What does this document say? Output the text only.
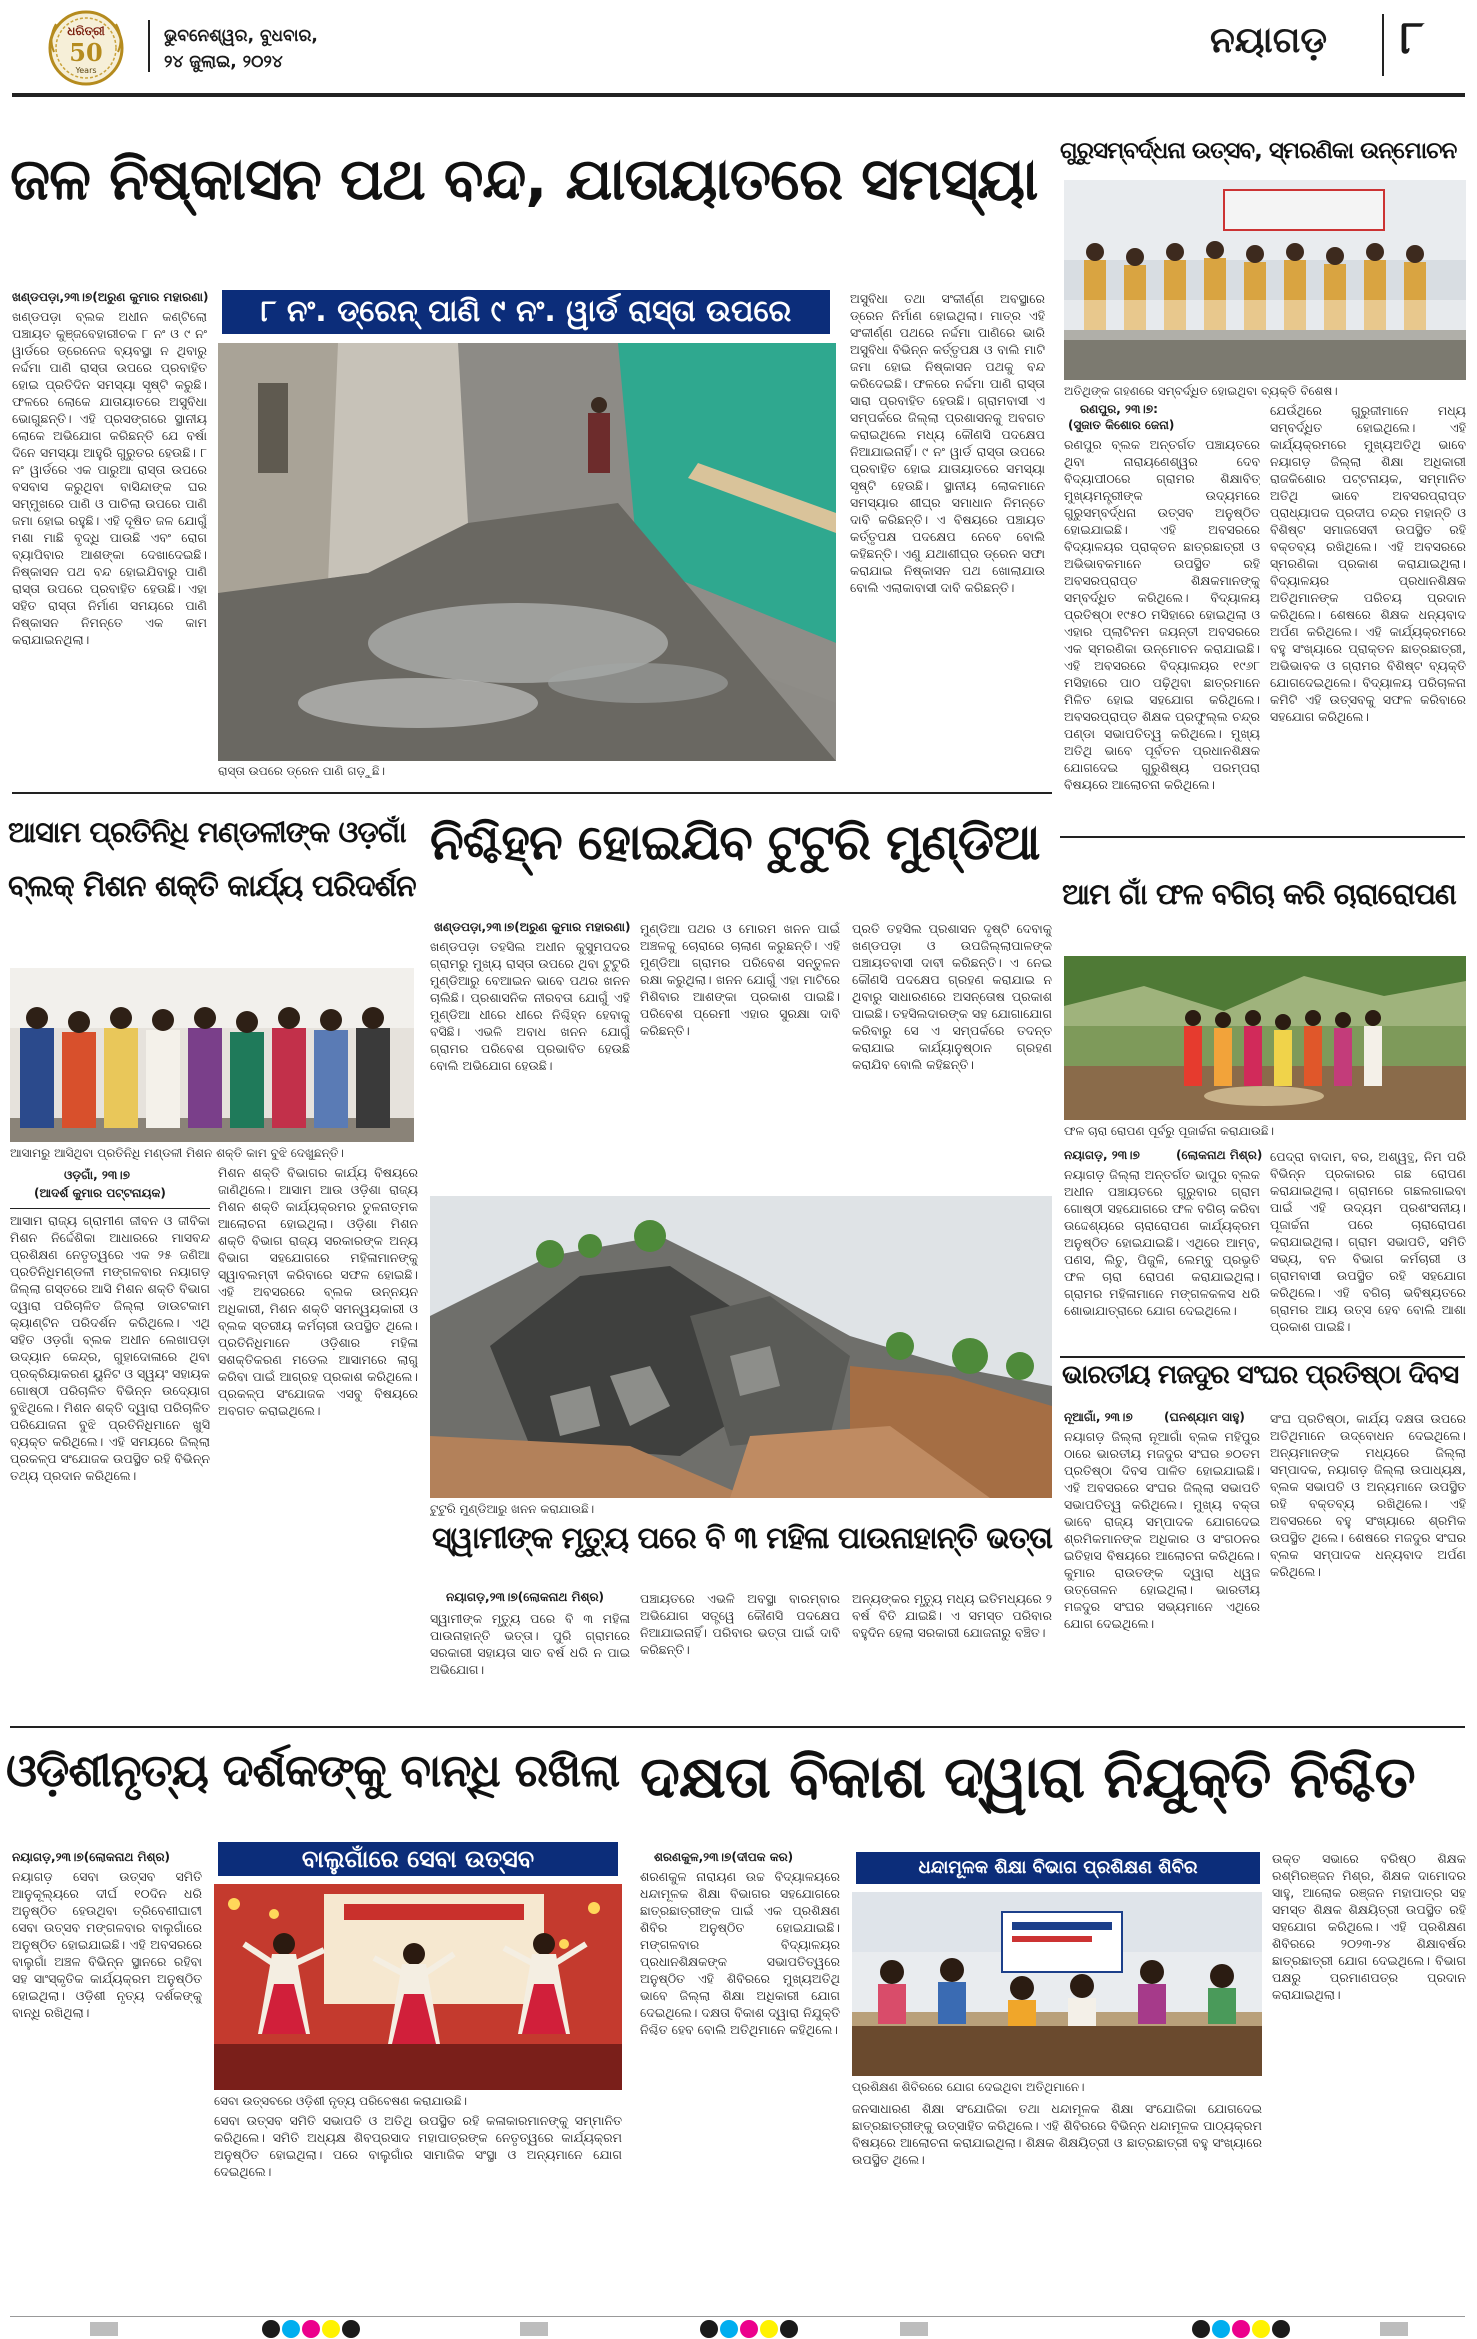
ଧରିତ୍ରୀ
50
Years
ଭୁବନେଶ୍ୱର, ବୁଧବାର,
୨୪ ଜୁଲାଇ, ୨୦୨୪
ନୟାଗଡ଼ ୮
ଜଳ ନିଷ୍କାସନ ପଥ ବନ୍ଦ, ଯାତାୟାତରେ ସମସ୍ୟା
ଖଣ୍ଡପଡ଼ା,୨୩।୭(ଅରୁଣ କୁମାର ମହାରଣା)
ଖଣ୍ଡପଡ଼ା ବ୍ଲକ ଅଧୀନ କଣ୍ଟିଲୋ ପଞ୍ଚାୟତ କୁଞ୍ଜବେହାରୀଚକ ୮ ନଂ ଓ ୯ ନଂ ୱାର୍ଡରେ ଡ୍ରେନେଜ ବ୍ୟବସ୍ଥା ନ ଥିବାରୁ ନର୍ଦ୍ଦମା ପାଣି ରାସ୍ତା ଉପରେ ପ୍ରବାହିତ ହୋଇ ପ୍ରତିଦିନ ସମସ୍ୟା ସୃଷ୍ଟି କରୁଛି। ଫଳରେ ଲୋକେ ଯାତାୟାତରେ ଅସୁବିଧା ଭୋଗୁଛନ୍ତି। ଏହି ପ୍ରସଙ୍ଗରେ ସ୍ଥାନୀୟ ଲୋକେ ଅଭିଯୋଗ କରିଛନ୍ତି ଯେ ବର୍ଷା ଦିନେ ସମସ୍ୟା ଆହୁରି ଗୁରୁତର ହେଉଛି। ୮ ନଂ ୱାର୍ଡରେ ଏକ ପାରୁଆ ରାସ୍ତା ଉପରେ ବସବାସ କରୁଥିବା ବାସିନ୍ଦାଙ୍କ ଘର ସମ୍ମୁଖରେ ପାଣି ଓ ପାଚିଲା ଉପରେ ପାଣି ଜମା ହୋଇ ରହୁଛି। ଏହି ଦୂଷିତ ଜଳ ଯୋଗୁଁ ମଶା ମାଛି ବୃଦ୍ଧି ପାଉଛି ଏବଂ ରୋଗ ବ୍ୟାପିବାର ଆଶଙ୍କା ଦେଖାଦେଇଛି। ନିଷ୍କାସନ ପଥ ବନ୍ଦ ହୋଇଯିବାରୁ ପାଣି ରାସ୍ତା ଉପରେ ପ୍ରବାହିତ ହେଉଛି। ଏହା ସହିତ ରାସ୍ତା ନିର୍ମାଣ ସମୟରେ ପାଣି ନିଷ୍କାସନ ନିମନ୍ତେ ଏକ କାମ କରାଯାଇନଥିଲା।
୮ ନଂ. ଡ୍ରେନ୍ ପାଣି ୯ ନଂ. ୱାର୍ଡ ରାସ୍ତା ଉପରେ
ରାସ୍ତା ଉପରେ ଡ୍ରେନ ପାଣି ଗଡ଼ୁଛି।
ଅସୁବିଧା ତଥା ସଂକୀର୍ଣ୍ଣ ଅବସ୍ଥାରେ ଡ୍ରେନ ନିର୍ମାଣ ହୋଇଥିଲା। ମାତ୍ର ଏହି ସଂକୀର୍ଣ୍ଣ ପଥରେ ନର୍ଦ୍ଦମା ପାଣିରେ ଭାରି ଅସୁବିଧା ବିଭିନ୍ନ କର୍ତ୍ତୃପକ୍ଷ ଓ ବାଲି ମାଟି ଜମା ହୋଇ ନିଷ୍କାସନ ପଥକୁ ବନ୍ଦ କରିଦେଇଛି। ଫଳରେ ନର୍ଦ୍ଦମା ପାଣି ରାସ୍ତା ସାରା ପ୍ରବାହିତ ହେଉଛି। ଗ୍ରାମବାସୀ ଏ ସମ୍ପର୍କରେ ଜିଲ୍ଲା ପ୍ରଶାସନକୁ ଅବଗତ କରାଇଥିଲେ ମଧ୍ୟ କୌଣସି ପଦକ୍ଷେପ ନିଆଯାଇନାହିଁ। ୯ ନଂ ୱାର୍ଡ ରାସ୍ତା ଉପରେ ପ୍ରବାହିତ ହୋଇ ଯାତାୟାତରେ ସମସ୍ୟା ସୃଷ୍ଟି ହେଉଛି। ସ୍ଥାନୀୟ ଲୋକମାନେ ସମସ୍ୟାର ଶୀଘ୍ର ସମାଧାନ ନିମନ୍ତେ ଦାବି କରିଛନ୍ତି। ଏ ବିଷୟରେ ପଞ୍ଚାୟତ କର୍ତ୍ତୃପକ୍ଷ ପଦକ୍ଷେପ ନେବେ ବୋଲି କହିଛନ୍ତି। ଏଣୁ ଯଥାଶୀଘ୍ର ଡ୍ରେନ ସଫା କରାଯାଇ ନିଷ୍କାସନ ପଥ ଖୋଲାଯାଉ ବୋଲି ଏଲାକାବାସୀ ଦାବି କରିଛନ୍ତି।
ଗୁରୁସମ୍ବର୍ଦ୍ଧନା ଉତ୍ସବ, ସ୍ମରଣିକା ଉନ୍ମୋଚନ
ଅତିଥିଙ୍କ ଗହଣରେ ସମ୍ବର୍ଦ୍ଧିତ ହୋଇଥିବା ବ୍ୟକ୍ତି ବିଶେଷ।
ରଣପୁର, ୨୩।୭:
(ସୁଜାତ କିଶୋର ଜେନା)
ରଣପୁର ବ୍ଲକ ଅନ୍ତର୍ଗତ ପଞ୍ଚାୟତରେ ଥିବା ନାରାୟଣେଶ୍ୱର ଦେବ ବିଦ୍ୟାପୀଠରେ ଗ୍ରାମର ଶିକ୍ଷାବିତ୍ ମୁଖ୍ୟମନ୍ତ୍ରୀଙ୍କ ଉଦ୍ୟମରେ ଗୁରୁସମ୍ବର୍ଦ୍ଧନା ଉତ୍ସବ ଅନୁଷ୍ଠିତ ହୋଇଯାଇଛି। ଏହି ଅବସରରେ ବିଦ୍ୟାଳୟର ପ୍ରାକ୍ତନ ଛାତ୍ରଛାତ୍ରୀ ଓ ଅଭିଭାବକମାନେ ଉପସ୍ଥିତ ରହି ଅବସରପ୍ରାପ୍ତ ଶିକ୍ଷକମାନଙ୍କୁ ସମ୍ବର୍ଦ୍ଧିତ କରିଥିଲେ। ବିଦ୍ୟାଳୟ ପ୍ରତିଷ୍ଠା ୧୯୫୦ ମସିହାରେ ହୋଇଥିଲା ଓ ଏହାର ପ୍ଲାଟିନମ ଜୟନ୍ତୀ ଅବସରରେ ଏକ ସ୍ମରଣିକା ଉନ୍ମୋଚନ କରାଯାଇଛି। ଏହି ଅବସରରେ ବିଦ୍ୟାଳୟର ୧୯୬୮ ମସିହାରେ ପାଠ ପଢ଼ିଥିବା ଛାତ୍ରମାନେ ମିଳିତ ହୋଇ ସହଯୋଗ କରିଥିଲେ। ଅବସରପ୍ରାପ୍ତ ଶିକ୍ଷକ ପ୍ରଫୁଲ୍ଲ ଚନ୍ଦ୍ର ପଣ୍ଡା ସଭାପତିତ୍ୱ କରିଥିଲେ। ମୁଖ୍ୟ ଅତିଥି ଭାବେ ପୂର୍ବତନ ପ୍ରଧାନଶିକ୍ଷକ ଯୋଗଦେଇ ଗୁରୁଶିଷ୍ୟ ପରମ୍ପରା ବିଷୟରେ ଆଲୋଚନା କରିଥିଲେ।
ଯେଉଁଥିରେ ଗୁରୁଜୀମାନେ ମଧ୍ୟ ସମ୍ବର୍ଦ୍ଧିତ ହୋଇଥିଲେ। ଏହି କାର୍ଯ୍ୟକ୍ରମରେ ମୁଖ୍ୟଅତିଥି ଭାବେ ନୟାଗଡ଼ ଜିଲ୍ଲା ଶିକ୍ଷା ଅଧିକାରୀ ରାଜକିଶୋର ପଟ୍ଟନାୟକ, ସମ୍ମାନିତ ଅତିଥି ଭାବେ ଅବସରପ୍ରାପ୍ତ ପ୍ରାଧ୍ୟାପକ ପ୍ରଦୀପ ଚନ୍ଦ୍ର ମହାନ୍ତି ଓ ବିଶିଷ୍ଟ ସମାଜସେବୀ ଉପସ୍ଥିତ ରହି ବକ୍ତବ୍ୟ ରଖିଥିଲେ। ଏହି ଅବସରରେ ସ୍ମରଣିକା ପ୍ରକାଶ କରାଯାଇଥିଲା। ବିଦ୍ୟାଳୟର ପ୍ରଧାନଶିକ୍ଷକ ଅତିଥିମାନଙ୍କ ପରିଚୟ ପ୍ରଦାନ କରିଥିଲେ। ଶେଷରେ ଶିକ୍ଷକ ଧନ୍ୟବାଦ ଅର୍ପଣ କରିଥିଲେ। ଏହି କାର୍ଯ୍ୟକ୍ରମରେ ବହୁ ସଂଖ୍ୟାରେ ପ୍ରାକ୍ତନ ଛାତ୍ରଛାତ୍ରୀ, ଅଭିଭାବକ ଓ ଗ୍ରାମର ବିଶିଷ୍ଟ ବ୍ୟକ୍ତି ଯୋଗଦେଇଥିଲେ। ବିଦ୍ୟାଳୟ ପରିଚାଳନା କମିଟି ଏହି ଉତ୍ସବକୁ ସଫଳ କରିବାରେ ସହଯୋଗ କରିଥିଲେ।
ଆସାମ ପ୍ରତିନିଧି ମଣ୍ଡଳୀଙ୍କ ଓଡ଼ଗାଁ
ବ୍ଲକ୍ ମିଶନ ଶକ୍ତି କାର୍ଯ୍ୟ ପରିଦର୍ଶନ
ଆସାମରୁ ଆସିଥିବା ପ୍ରତିନିଧି ମଣ୍ଡଳୀ ମିଶନ ଶକ୍ତି କାମ ବୁଝି ଦେଖୁଛନ୍ତି।
ଓଡ଼ଗାଁ, ୨୩।୭
(ଆଦର୍ଶ କୁମାର ପଟ୍ଟନାୟକ)
ଆସାମ ରାଜ୍ୟ ଗ୍ରାମୀଣ ଜୀବନ ଓ ଜୀବିକା ମିଶନ ନିର୍ଦ୍ଦେଶିକା ଆଧାରରେ ମାସବନ୍ଦ ପ୍ରଶିକ୍ଷଣ ନେତୃତ୍ୱରେ ଏକ ୨୫ ଜଣିଆ ପ୍ରତିନିଧିମଣ୍ଡଳୀ ମଙ୍ଗଳବାର ନୟାଗଡ଼ ଜିଲ୍ଲା ଗସ୍ତରେ ଆସି ମିଶନ ଶକ୍ତି ବିଭାଗ ଦ୍ୱାରା ପରିଚାଳିତ ଜିଲ୍ଲା ଡାଉଟକାମ କ୍ୟାଣ୍ଟିନ ପରିଦର୍ଶନ କରିଥିଲେ। ଏଥି ସହିତ ଓଡ଼ଗାଁ ବ୍ଲକ ଅଧୀନ ଲେଖାପଡ଼ା ଉଦ୍ୟାନ କେନ୍ଦ୍ର, ଗୁହାଦୋଳାରେ ଥିବା ପ୍ରକ୍ରିୟାକରଣ ୟୁନିଟ ଓ ସ୍ୱୟଂ ସହାୟକ ଗୋଷ୍ଠୀ ପରିଚାଳିତ ବିଭିନ୍ନ ଉଦ୍ୟୋଗ ବୁଝିଥିଲେ। ମିଶନ ଶକ୍ତି ଦ୍ୱାରା ପରିଚାଳିତ ପରିଯୋଜନା ବୁଝି ପ୍ରତିନିଧିମାନେ ଖୁସି ବ୍ୟକ୍ତ କରିଥିଲେ। ଏହି ସମୟରେ ଜିଲ୍ଲା ପ୍ରକଳ୍ପ ସଂଯୋଜକ ଉପସ୍ଥିତ ରହି ବିଭିନ୍ନ ତଥ୍ୟ ପ୍ରଦାନ କରିଥିଲେ।
ମିଶନ ଶକ୍ତି ବିଭାଗର କାର୍ଯ୍ୟ ବିଷୟରେ ଜାଣିଥିଲେ। ଆସାମ ଆଉ ଓଡ଼ିଶା ରାଜ୍ୟ ମିଶନ ଶକ୍ତି କାର୍ଯ୍ୟକ୍ରମର ତୁଳନାତ୍ମକ ଆଲୋଚନା ହୋଇଥିଲା। ଓଡ଼ିଶା ମିଶନ ଶକ୍ତି ବିଭାଗ ରାଜ୍ୟ ସରକାରଙ୍କ ଅନ୍ୟ ବିଭାଗ ସହଯୋଗରେ ମହିଳାମାନଙ୍କୁ ସ୍ୱାବଲମ୍ବୀ କରିବାରେ ସଫଳ ହୋଇଛି। ଏହି ଅବସରରେ ବ୍ଲକ ଉନ୍ନୟନ ଅଧିକାରୀ, ମିଶନ ଶକ୍ତି ସମନ୍ୱୟକାରୀ ଓ ବ୍ଲକ ସ୍ତରୀୟ କର୍ମଚାରୀ ଉପସ୍ଥିତ ଥିଲେ। ପ୍ରତିନିଧିମାନେ ଓଡ଼ିଶାର ମହିଳା ସଶକ୍ତିକରଣ ମଡେଲ ଆସାମରେ ଲାଗୁ କରିବା ପାଇଁ ଆଗ୍ରହ ପ୍ରକାଶ କରିଥିଲେ। ପ୍ରକଳ୍ପ ସଂଯୋଜକ ଏସବୁ ବିଷୟରେ ଅବଗତ କରାଇଥିଲେ।
ନିଶ୍ଚିହ୍ନ ହୋଇଯିବ ଟୁଟୁରି ମୁଣ୍ଡିଆ
ଖଣ୍ଡପଡ଼ା,୨୩।୭(ଅରୁଣ କୁମାର ମହାରଣା)
ଖଣ୍ଡପଡ଼ା ତହସିଲ ଅଧୀନ କୁସୁମପଦର ଗ୍ରାମରୁ ମୁଖ୍ୟ ରାସ୍ତା ଉପରେ ଥିବା ଟୁଟୁରି ମୁଣ୍ଡିଆରୁ ବେଆଇନ ଭାବେ ପଥର ଖନନ ଚାଲିଛି। ପ୍ରଶାସନିକ ନୀରବତା ଯୋଗୁଁ ଏହି ମୁଣ୍ଡିଆ ଧୀରେ ଧୀରେ ନିଶ୍ଚିହ୍ନ ହେବାକୁ ବସିଛି। ଏଭଳି ଅବାଧ ଖନନ ଯୋଗୁଁ ଗ୍ରାମର ପରିବେଶ ପ୍ରଭାବିତ ହେଉଛି ବୋଲି ଅଭିଯୋଗ ହେଉଛି।
ମୁଣ୍ଡିଆ ପଥର ଓ ମୋରମ ଖନନ ପାଇଁ ଅଞ୍ଚଳକୁ ଚୋରାରେ ଚାଲାଣ କରୁଛନ୍ତି। ଏହି ମୁଣ୍ଡିଆ ଗ୍ରାମର ପରିବେଶ ସନ୍ତୁଳନ ରକ୍ଷା କରୁଥିଲା। ଖନନ ଯୋଗୁଁ ଏହା ମାଟିରେ ମିଶିବାର ଆଶଙ୍କା ପ୍ରକାଶ ପାଇଛି। ପରିବେଶ ପ୍ରେମୀ ଏହାର ସୁରକ୍ଷା ଦାବି କରିଛନ୍ତି।
ପ୍ରତି ତହସିଲ ପ୍ରଶାସନ ଦୃଷ୍ଟି ଦେବାକୁ ଖଣ୍ଡପଡ଼ା ଓ ଉପଜିଲ୍ଲାପାଳଙ୍କ ପଞ୍ଚାୟତବାସୀ ଦାବୀ କରିଛନ୍ତି। ଏ ନେଇ କୌଣସି ପଦକ୍ଷେପ ଗ୍ରହଣ କରାଯାଇ ନ ଥିବାରୁ ସାଧାରଣରେ ଅସନ୍ତୋଷ ପ୍ରକାଶ ପାଇଛି। ତହସିଲଦାରଙ୍କ ସହ ଯୋଗାଯୋଗ କରିବାରୁ ସେ ଏ ସମ୍ପର୍କରେ ତଦନ୍ତ କରାଯାଇ କାର୍ଯ୍ୟାନୁଷ୍ଠାନ ଗ୍ରହଣ କରାଯିବ ବୋଲି କହିଛନ୍ତି।
ଟୁଟୁରି ମୁଣ୍ଡିଆରୁ ଖନନ କରାଯାଉଛି।
ଆମ ଗାଁ ଫଳ ବଗିଚା କରି ଚାରାରୋପଣ
ଫଳ ଚାରା ରୋପଣ ପୂର୍ବରୁ ପୂଜାର୍ଚ୍ଚନା କରାଯାଉଛି।
ନୟାଗଡ଼, ୨୩।୭	(ଲୋକନାଥ ମିଶ୍ର)
ନୟାଗଡ଼ ଜିଲ୍ଲା ଅନ୍ତର୍ଗତ ଭାପୁର ବ୍ଲକ ଅଧୀନ ପଞ୍ଚାୟତରେ ଗୁରୁବାର ଗ୍ରାମ ଗୋଷ୍ଠୀ ସହଯୋଗରେ ଫଳ ବଗିଚା କରିବା ଉଦ୍ଦେଶ୍ୟରେ ଚାରାରୋପଣ କାର୍ଯ୍ୟକ୍ରମ ଅନୁଷ୍ଠିତ ହୋଇଯାଇଛି। ଏଥିରେ ଆମ୍ବ, ପଣସ, ଲିଚୁ, ପିଜୁଳି, ଲେମ୍ବୁ ପ୍ରଭୃତି ଫଳ ଚାରା ରୋପଣ କରାଯାଇଥିଲା। ଗ୍ରାମର ମହିଳାମାନେ ମଙ୍ଗଳକଳସ ଧରି ଶୋଭାଯାତ୍ରାରେ ଯୋଗ ଦେଇଥିଲେ।
ପେଦ୍ରା ବାଦାମ, ବର, ଅଶ୍ୱତ୍ଥ, ନିମ ପରି ବିଭିନ୍ନ ପ୍ରକାରର ଗଛ ରୋପଣ କରାଯାଇଥିଲା। ଗ୍ରାମରେ ଗଛଲଗାଇବା ପାଇଁ ଏହି ଉଦ୍ୟମ ପ୍ରଶଂସନୀୟ। ପୂଜାର୍ଚ୍ଚନା ପରେ ଚାରାରୋପଣ କରାଯାଇଥିଲା। ଗ୍ରାମ ସଭାପତି, ସମିତି ସଭ୍ୟ, ବନ ବିଭାଗ କର୍ମଚାରୀ ଓ ଗ୍ରାମବାସୀ ଉପସ୍ଥିତ ରହି ସହଯୋଗ କରିଥିଲେ। ଏହି ବଗିଚା ଭବିଷ୍ୟତରେ ଗ୍ରାମର ଆୟ ଉତ୍ସ ହେବ ବୋଲି ଆଶା ପ୍ରକାଶ ପାଇଛି।
ଭାରତୀୟ ମଜଦୁର ସଂଘର ପ୍ରତିଷ୍ଠା ଦିବସ
ନୂଆଗାଁ, ୨୩।୭	(ଘନଶ୍ୟାମ ସାହୁ)
ନୟାଗଡ଼ ଜିଲ୍ଲା ନୂଆଗାଁ ବ୍ଲକ ମହିପୁର ଠାରେ ଭାରତୀୟ ମଜଦୁର ସଂଘର ୭୦ତମ ପ୍ରତିଷ୍ଠା ଦିବସ ପାଳିତ ହୋଇଯାଇଛି। ଏହି ଅବସରରେ ସଂଘର ଜିଲ୍ଲା ସଭାପତି ସଭାପତିତ୍ୱ କରିଥିଲେ। ମୁଖ୍ୟ ବକ୍ତା ଭାବେ ରାଜ୍ୟ ସମ୍ପାଦକ ଯୋଗଦେଇ ଶ୍ରମିକମାନଙ୍କ ଅଧିକାର ଓ ସଂଗଠନର ଇତିହାସ ବିଷୟରେ ଆଲୋଚନା କରିଥିଲେ। କୁମାର ରାଉତଙ୍କ ଦ୍ୱାରା ଧ୍ୱଜ ଉତ୍ତୋଳନ ହୋଇଥିଲା। ଭାରତୀୟ ମଜଦୁର ସଂଘର ସଭ୍ୟମାନେ ଏଥିରେ ଯୋଗ ଦେଇଥିଲେ।
ସଂଘ ପ୍ରତିଷ୍ଠା, କାର୍ଯ୍ୟ ଦକ୍ଷତା ଉପରେ ଅତିଥିମାନେ ଉଦ୍‌ବୋଧନ ଦେଇଥିଲେ। ଅନ୍ୟମାନଙ୍କ ମଧ୍ୟରେ ଜିଲ୍ଲା ସମ୍ପାଦକ, ନୟାଗଡ଼ ଜିଲ୍ଲା ଉପାଧ୍ୟକ୍ଷ, ବ୍ଲକ ସଭାପତି ଓ ଅନ୍ୟମାନେ ଉପସ୍ଥିତ ରହି ବକ୍ତବ୍ୟ ରଖିଥିଲେ। ଏହି ଅବସରରେ ବହୁ ସଂଖ୍ୟାରେ ଶ୍ରମିକ ଉପସ୍ଥିତ ଥିଲେ। ଶେଷରେ ମଜଦୁର ସଂଘର ବ୍ଲକ ସମ୍ପାଦକ ଧନ୍ୟବାଦ ଅର୍ପଣ କରିଥିଲେ।
ସ୍ୱାମୀଙ୍କ ମୃତ୍ୟୁ ପରେ ବି ୩ ମହିଳା ପାଉନାହାନ୍ତି ଭତ୍ତା
ନୟାଗଡ଼,୨୩।୭(ଲୋକନାଥ ମିଶ୍ର)
ସ୍ୱାମୀଙ୍କ ମୃତ୍ୟୁ ପରେ ବି ୩ ମହିଳା ପାଉନାହାନ୍ତି ଭତ୍ତା। ପୁରି ଗ୍ରାମରେ ସରକାରୀ ସହାୟତା ସାତ ବର୍ଷ ଧରି ନ ପାଇ ଅଭିଯୋଗ।
ପଞ୍ଚାୟତରେ ଏଭଳି ଅବସ୍ଥା ବାରମ୍ବାର ଅଭିଯୋଗ ସତ୍ତ୍ୱେ କୌଣସି ପଦକ୍ଷେପ ନିଆଯାଇନାହିଁ। ପରିବାର ଭତ୍ତା ପାଇଁ ଦାବି କରିଛନ୍ତି।
ଅନ୍ୟଙ୍କର ମୃତ୍ୟୁ ମଧ୍ୟ ଇତିମଧ୍ୟରେ ୨ ବର୍ଷ ବିତି ଯାଇଛି। ଏ ସମସ୍ତ ପରିବାର ବହୁଦିନ ହେଲା ସରକାରୀ ଯୋଜନାରୁ ବଞ୍ଚିତ।
ଓଡ଼ିଶୀନୃତ୍ୟ ଦର୍ଶକଙ୍କୁ ବାନ୍ଧି ରଖିଲା
ନୟାଗଡ଼,୨୩।୭(ଲୋକନାଥ ମିଶ୍ର)
ନୟାଗଡ଼ ସେବା ଉତ୍ସବ ସମିତି ଆନୁକୂଲ୍ୟରେ ଦୀର୍ଘ ୧୦ଦିନ ଧରି ଅନୁଷ୍ଠିତ ହେଉଥିବା ତ୍ରିବେଣୀଘାଟୀ ସେବା ଉତ୍ସବ ମଙ୍ଗଳବାର ବାଲୁଗାଁରେ ଅନୁଷ୍ଠିତ ହୋଇଯାଇଛି। ଏହି ଅବସରରେ ବାଲୁଗାଁ ଅଞ୍ଚଳ ବିଭିନ୍ନ ସ୍ଥାନରେ ରହିବା ସହ ସାଂସ୍କୃତିକ କାର୍ଯ୍ୟକ୍ରମ ଅନୁଷ୍ଠିତ ହୋଇଥିଲା। ଓଡ଼ିଶୀ ନୃତ୍ୟ ଦର୍ଶକଙ୍କୁ ବାନ୍ଧି ରଖିଥିଲା।
ବାଲୁଗାଁରେ ସେବା ଉତ୍ସବ
ସେବା ଉତ୍ସବରେ ଓଡ଼ିଶୀ ନୃତ୍ୟ ପରିବେଷଣ କରାଯାଉଛି।
ସେବା ଉତ୍ସବ ସମିତି ସଭାପତି ଓ ଅତିଥି ଉପସ୍ଥିତ ରହି କଳାକାରମାନଙ୍କୁ ସମ୍ମାନିତ କରିଥିଲେ। ସମିତି ଅଧ୍ୟକ୍ଷ ଶିବପ୍ରସାଦ ମହାପାତ୍ରଙ୍କ ନେତୃତ୍ୱରେ କାର୍ଯ୍ୟକ୍ରମ ଅନୁଷ୍ଠିତ ହୋଇଥିଲା। ପରେ ବାଲୁଗାଁର ସାମାଜିକ ସଂସ୍ଥା ଓ ଅନ୍ୟମାନେ ଯୋଗ ଦେଇଥିଲେ।
ଦକ୍ଷତା ବିକାଶ ଦ୍ୱାରା ନିଯୁକ୍ତି ନିଶ୍ଚିତ
ଶରଣକୁଳ,୨୩।୭(ଦୀପକ କର)
ଶରଣକୁଳ ନାରାୟଣ ଉଚ୍ଚ ବିଦ୍ୟାଳୟରେ ଧନ୍ଦାମୂଳକ ଶିକ୍ଷା ବିଭାଗର ସହଯୋଗରେ ଛାତ୍ରଛାତ୍ରୀଙ୍କ ପାଇଁ ଏକ ପ୍ରଶିକ୍ଷଣ ଶିବିର ଅନୁଷ୍ଠିତ ହୋଇଯାଇଛି। ମଙ୍ଗଳବାର ବିଦ୍ୟାଳୟର ପ୍ରଧାନଶିକ୍ଷକଙ୍କ ସଭାପତିତ୍ୱରେ ଅନୁଷ୍ଠିତ ଏହି ଶିବିରରେ ମୁଖ୍ୟଅତିଥି ଭାବେ ଜିଲ୍ଲା ଶିକ୍ଷା ଅଧିକାରୀ ଯୋଗ ଦେଇଥିଲେ। ଦକ୍ଷତା ବିକାଶ ଦ୍ୱାରା ନିଯୁକ୍ତି ନିଶ୍ଚିତ ହେବ ବୋଲି ଅତିଥିମାନେ କହିଥିଲେ।
ଧନ୍ଦାମୂଳକ ଶିକ୍ଷା ବିଭାଗ ପ୍ରଶିକ୍ଷଣ ଶିବିର
ପ୍ରଶିକ୍ଷଣ ଶିବିରରେ ଯୋଗ ଦେଇଥିବା ଅତିଥିମାନେ।
ଜନସାଧାରଣ ଶିକ୍ଷା ସଂଯୋଜିକା ତଥା ଧନ୍ଦାମୂଳକ ଶିକ୍ଷା ସଂଯୋଜିକା ଯୋଗଦେଇ ଛାତ୍ରଛାତ୍ରୀଙ୍କୁ ଉତ୍ସାହିତ କରିଥିଲେ। ଏହି ଶିବିରରେ ବିଭିନ୍ନ ଧନ୍ଦାମୂଳକ ପାଠ୍ୟକ୍ରମ ବିଷୟରେ ଆଲୋଚନା କରାଯାଇଥିଲା। ଶିକ୍ଷକ ଶିକ୍ଷୟିତ୍ରୀ ଓ ଛାତ୍ରଛାତ୍ରୀ ବହୁ ସଂଖ୍ୟାରେ ଉପସ୍ଥିତ ଥିଲେ।
ଉକ୍ତ ସଭାରେ ବରିଷ୍ଠ ଶିକ୍ଷକ ରଶ୍ମିରଞ୍ଜନ ମିଶ୍ର, ଶିକ୍ଷକ ଦାମୋଦର ସାହୁ, ଆଲୋକ ରଞ୍ଜନ ମହାପାତ୍ର ସହ ସମସ୍ତ ଶିକ୍ଷକ ଶିକ୍ଷୟିତ୍ରୀ ଉପସ୍ଥିତ ରହି ସହଯୋଗ କରିଥିଲେ। ଏହି ପ୍ରଶିକ୍ଷଣ ଶିବିରରେ ୨୦୨୩-୨୪ ଶିକ୍ଷାବର୍ଷର ଛାତ୍ରଛାତ୍ରୀ ଯୋଗ ଦେଇଥିଲେ। ବିଭାଗ ପକ୍ଷରୁ ପ୍ରମାଣପତ୍ର ପ୍ରଦାନ କରାଯାଇଥିଲା।
